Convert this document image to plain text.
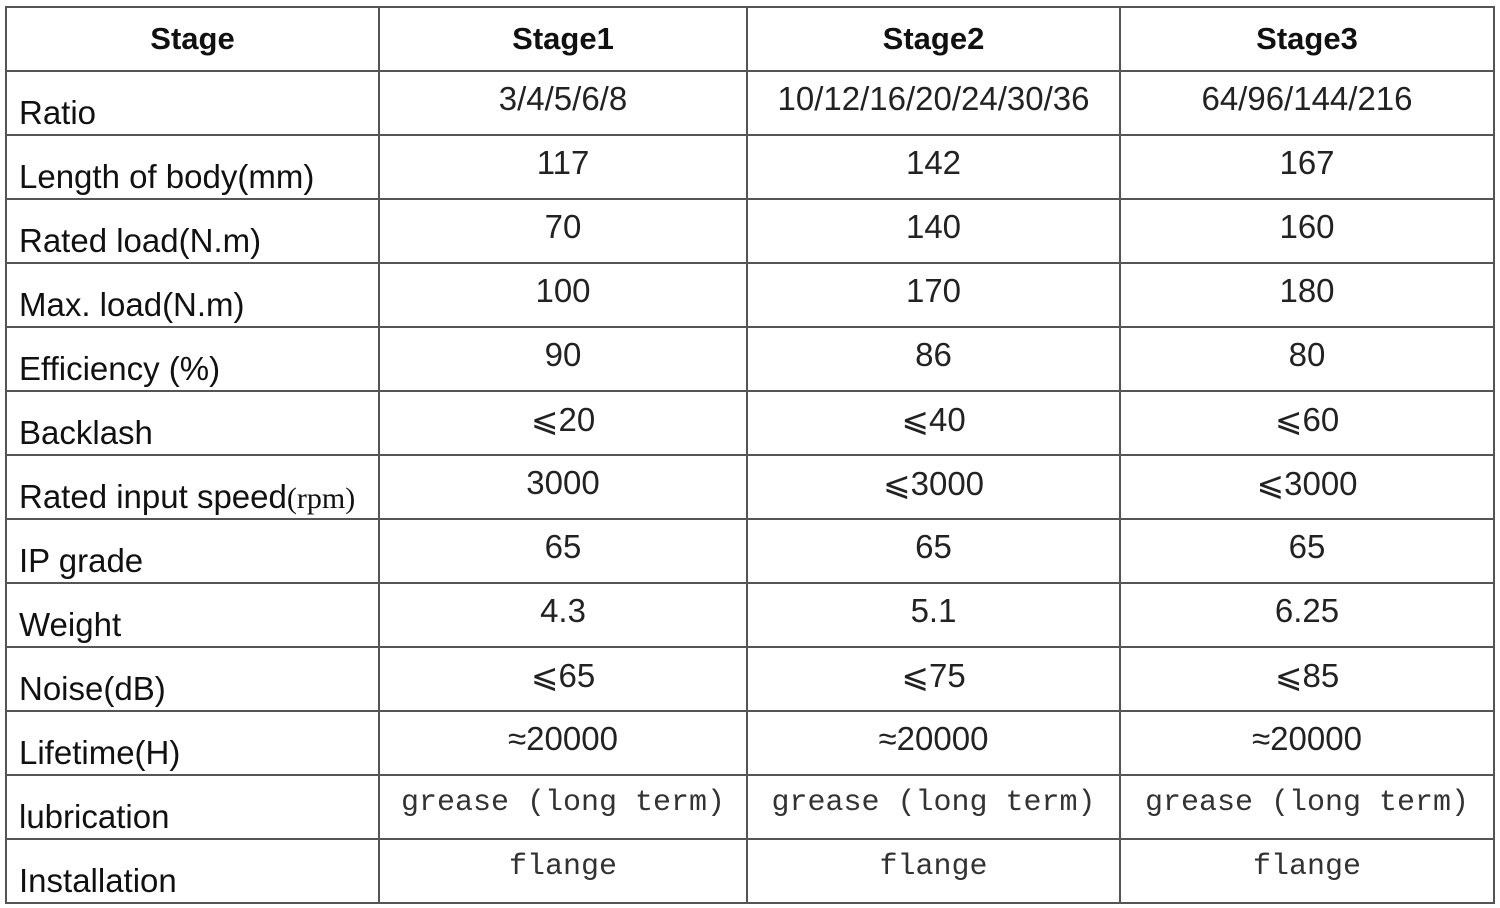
Stage	Stage1	Stage2	Stage3
Ratio	3/4/5/6/8	10/12/16/20/24/30/36	64/96/144/216
Length of body(mm)	117	142	167
Rated load(N.m)	70	140	160
Max. load(N.m)	100	170	180
Efficiency (%)	90	86	80
Backlash	⩽20	⩽40	⩽60
Rated input speed(rpm)	3000	⩽3000	⩽3000
IP grade	65	65	65
Weight	4.3	5.1	6.25
Noise(dB)	⩽65	⩽75	⩽85
Lifetime(H)	≈20000	≈20000	≈20000
lubrication	grease (long term)	grease (long term)	grease (long term)
Installation	flange	flange	flange
